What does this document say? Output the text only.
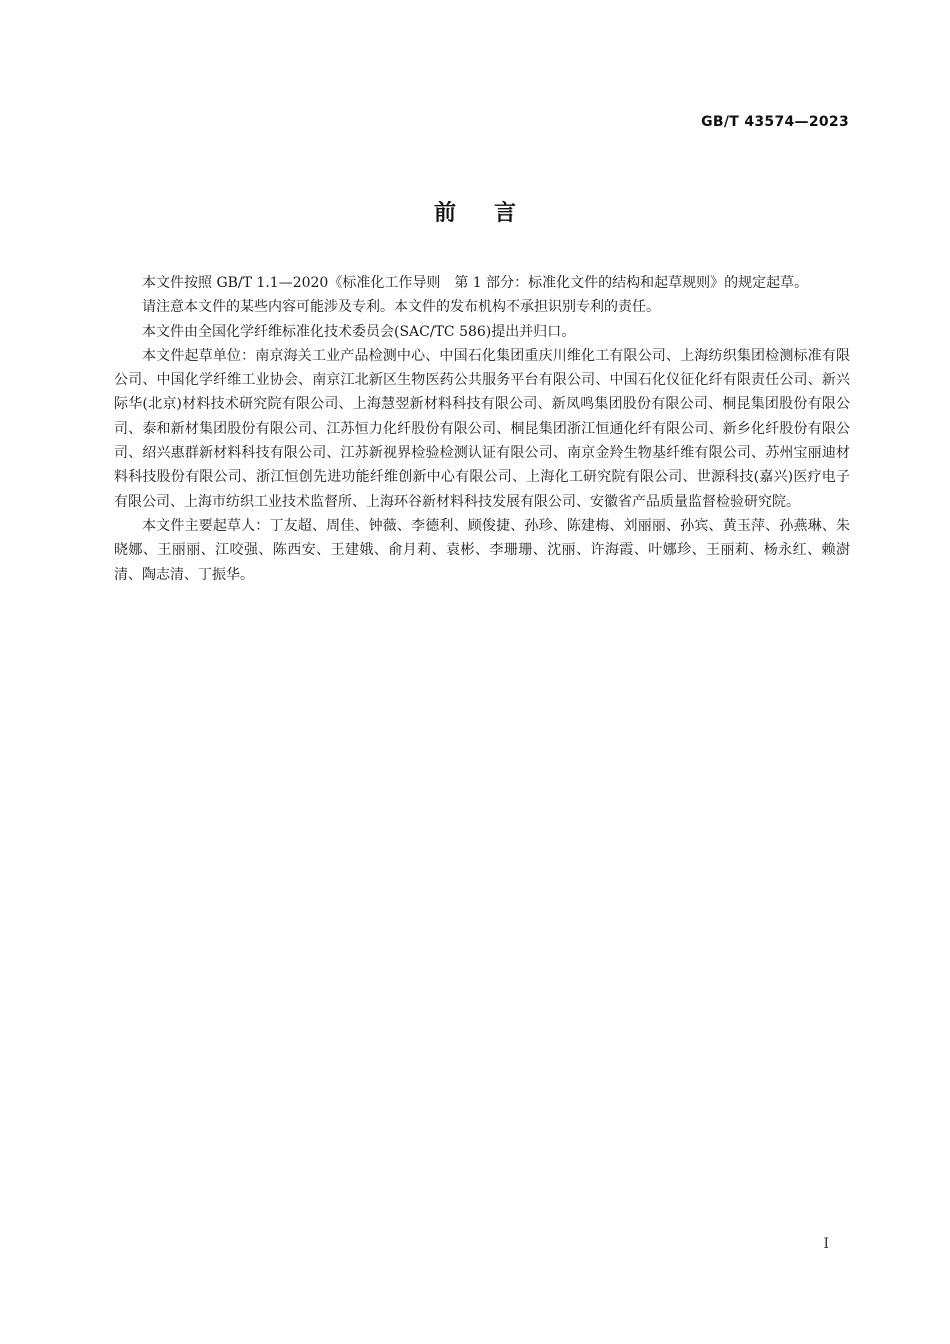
GB/T 43574—2023
前言

本文件按照 GB/T 1.1—2020《标准化工作导则　第 1 部分：标准化文件的结构和起草规则》的规定起草。

请注意本文件的某些内容可能涉及专利。本文件的发布机构不承担识别专利的责任。

本文件由全国化学纤维标准化技术委员会(SAC/TC 586)提出并归口。

本文件起草单位：南京海关工业产品检测中心、中国石化集团重庆川维化工有限公司、上海纺织集团检测标准有限公司、中国化学纤维工业协会、南京江北新区生物医药公共服务平台有限公司、中国石化仪征化纤有限责任公司、新兴际华(北京)材料技术研究院有限公司、上海慧翌新材料科技有限公司、新凤鸣集团股份有限公司、桐昆集团股份有限公司、泰和新材集团股份有限公司、江苏恒力化纤股份有限公司、桐昆集团浙江恒通化纤有限公司、新乡化纤股份有限公司、绍兴惠群新材料科技有限公司、江苏新视界检验检测认证有限公司、南京金羚生物基纤维有限公司、苏州宝丽迪材料科技股份有限公司、浙江恒创先进功能纤维创新中心有限公司、上海化工研究院有限公司、世源科技(嘉兴)医疗电子有限公司、上海市纺织工业技术监督所、上海环谷新材料科技发展有限公司、安徽省产品质量监督检验研究院。

本文件主要起草人：丁友超、周佳、钟薇、李德利、顾俊捷、孙珍、陈建梅、刘丽丽、孙宾、黄玉萍、孙燕琳、朱晓娜、王丽丽、江咬强、陈西安、王建娥、俞月莉、袁彬、李珊珊、沈丽、许海霞、叶娜珍、王丽莉、杨永红、赖澍清、陶志清、丁振华。

I
